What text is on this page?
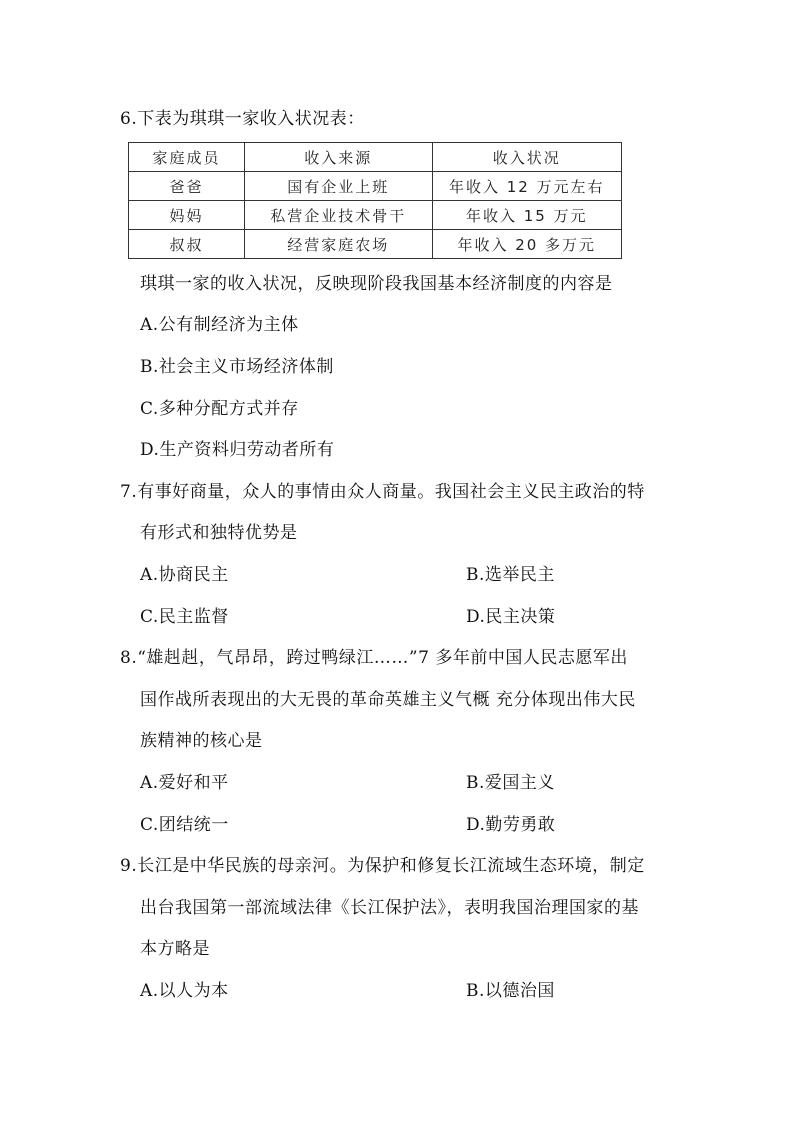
6.下表为琪琪一家收入状况表：
家庭成员	收入来源	收入状况
爸爸	国有企业上班	年收入 12 万元左右
妈妈	私营企业技术骨干	年收入 15 万元
叔叔	经营家庭农场	年收入 20 多万元
琪琪一家的收入状况，反映现阶段我国基本经济制度的内容是
A.公有制经济为主体
B.社会主义市场经济体制
C.多种分配方式并存
D.生产资料归劳动者所有
7.有事好商量，众人的事情由众人商量。我国社会主义民主政治的特
有形式和独特优势是
A.协商民主	B.选举民主
C.民主监督	D.民主决策
8.“雄赳赳，气昂昂，跨过鸭绿江……”7 多年前中国人民志愿军出
国作战所表现出的大无畏的革命英雄主义气概 充分体现出伟大民
族精神的核心是
A.爱好和平	B.爱国主义
C.团结统一	D.勤劳勇敢
9.长江是中华民族的母亲河。为保护和修复长江流域生态环境，制定
出台我国第一部流域法律《长江保护法》，表明我国治理国家的基
本方略是
A.以人为本	B.以德治国
